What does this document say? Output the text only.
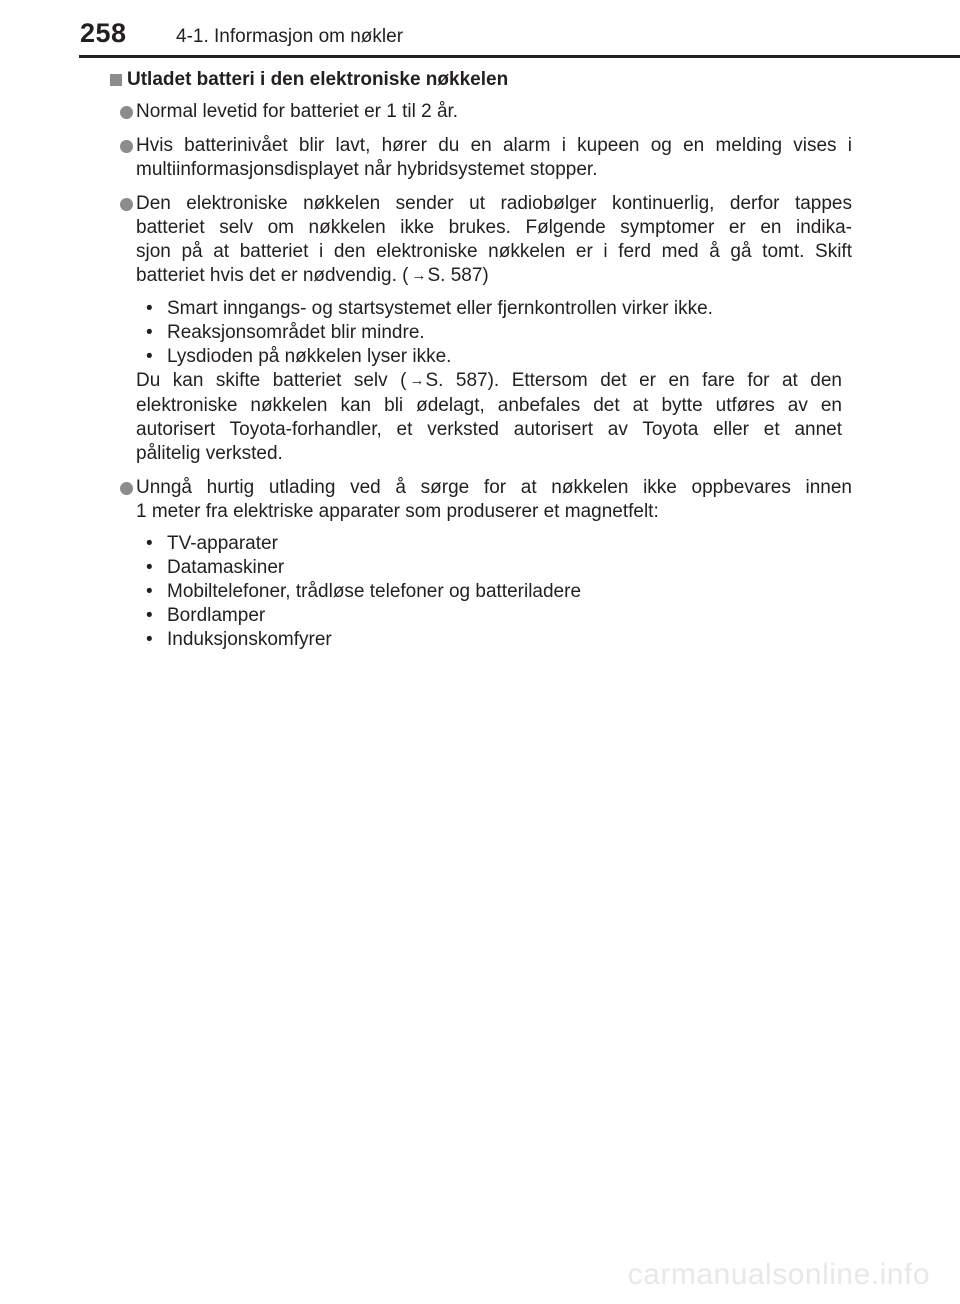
258	4-1. Informasjon om nøkler
Utladet batteri i den elektroniske nøkkelen
Normal levetid for batteriet er 1 til 2 år.
Hvis batterinivået blir lavt, hører du en alarm i kupeen og en melding vises i
multiinformasjonsdisplayet når hybridsystemet stopper.
Den elektroniske nøkkelen sender ut radiobølger kontinuerlig, derfor tappes
batteriet selv om nøkkelen ikke brukes. Følgende symptomer er en indika-
sjon på at batteriet i den elektroniske nøkkelen er i ferd med å gå tomt. Skift
batteriet hvis det er nødvendig. ( →S. 587)
• Smart inngangs- og startsystemet eller fjernkontrollen virker ikke.
• Reaksjonsområdet blir mindre.
• Lysdioden på nøkkelen lyser ikke.
Du kan skifte batteriet selv ( →S. 587). Ettersom det er en fare for at den
elektroniske nøkkelen kan bli ødelagt, anbefales det at bytte utføres av en
autorisert Toyota-forhandler, et verksted autorisert av Toyota eller et annet
pålitelig verksted.
Unngå hurtig utlading ved å sørge for at nøkkelen ikke oppbevares innen
1 meter fra elektriske apparater som produserer et magnetfelt:
• TV-apparater
• Datamaskiner
• Mobiltelefoner, trådløse telefoner og batteriladere
• Bordlamper
• Induksjonskomfyrer
carmanualsonline.info
